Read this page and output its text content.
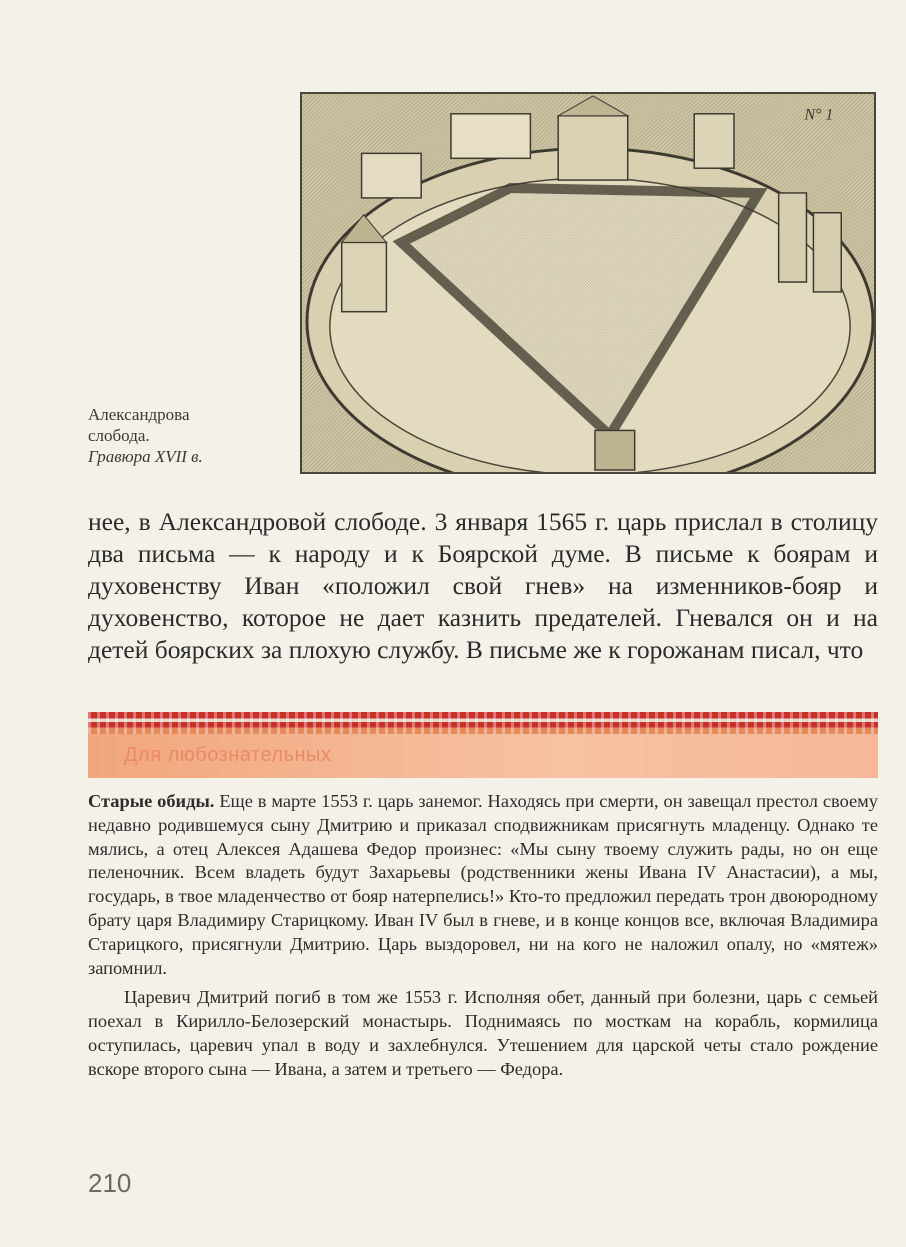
N° 1
Александрова
слобода.
Гравюра XVII в.

нее, в Александровой слободе. 3 января 1565 г. царь прислал в столицу два письма — к народу и к Боярской думе. В письме к боярам и духовенству Иван «положил свой гнев» на изменников-бояр и духовенство, которое не дает казнить предателей. Гневался он и на детей боярских за плохую службу. В письме же к горожанам писал, что

Для любознательных

Старые обиды. Еще в марте 1553 г. царь занемог. Находясь при смерти, он завещал престол своему недавно родившемуся сыну Дмитрию и приказал сподвижникам присягнуть младенцу. Однако те мялись, а отец Алексея Адашева Федор произнес: «Мы сыну твоему служить рады, но он еще пеленочник. Всем владеть будут Захарьевы (родственники жены Ивана IV Анастасии), а мы, государь, в твое младенчество от бояр натерпелись!» Кто-то предложил передать трон двоюродному брату царя Владимиру Старицкому. Иван IV был в гневе, и в конце концов все, включая Владимира Старицкого, присягнули Дмитрию. Царь выздоровел, ни на кого не наложил опалу, но «мятеж» запомнил.

Царевич Дмитрий погиб в том же 1553 г. Исполняя обет, данный при болезни, царь с семьей поехал в Кирилло-Белозерский монастырь. Поднимаясь по мосткам на корабль, кормилица оступилась, царевич упал в воду и захлебнулся. Утешением для царской четы стало рождение вскоре второго сына — Ивана, а затем и третьего — Федора.

210
